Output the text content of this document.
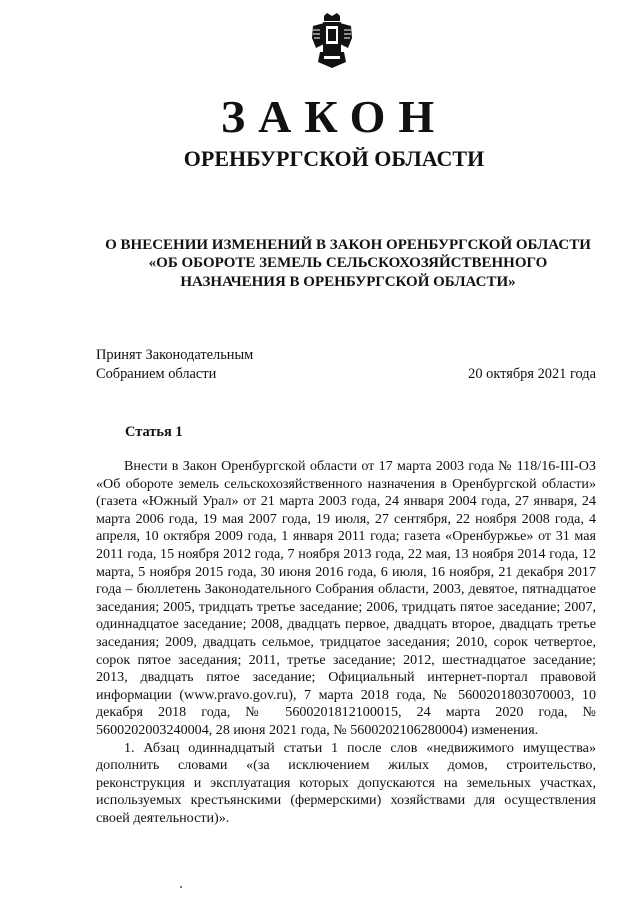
ЗАКОН
ОРЕНБУРГСКОЙ ОБЛАСТИ
О ВНЕСЕНИИ ИЗМЕНЕНИЙ В ЗАКОН ОРЕНБУРГСКОЙ ОБЛАСТИ «ОБ ОБОРОТЕ ЗЕМЕЛЬ СЕЛЬСКОХОЗЯЙСТВЕННОГО НАЗНАЧЕНИЯ В ОРЕНБУРГСКОЙ ОБЛАСТИ»
Принят Законодательным
Собранием области	20 октября 2021 года
Статья 1

Внести в Закон Оренбургской области от 17 марта 2003 года № 118/16-III-ОЗ «Об обороте земель сельскохозяйственного назначения в Оренбургской области» (газета «Южный Урал» от 21 марта 2003 года, 24 января 2004 года, 27 января, 24 марта 2006 года, 19 мая 2007 года, 19 июля, 27 сентября, 22 ноября 2008 года, 4 апреля, 10 октября 2009 года, 1 января 2011 года; газета «Оренбуржье» от 31 мая 2011 года, 15 ноября 2012 года, 7 ноября 2013 года, 22 мая, 13 ноября 2014 года, 12 марта, 5 ноября 2015 года, 30 июня 2016 года, 6 июля, 16 ноября, 21 декабря 2017 года – бюллетень Законодательного Собрания области, 2003, девятое, пятнадцатое заседания; 2005, тридцать третье заседание; 2006, тридцать пятое заседание; 2007, одиннадцатое заседание; 2008, двадцать первое, двадцать второе, двадцать третье заседания; 2009, двадцать сельмое, тридцатое заседания; 2010, сорок четвертое, сорок пятое заседания; 2011, третье заседание; 2012, шестнадцатое заседание; 2013, двадцать пятое заседание; Официальный интернет-портал правовой информации (www.pravo.gov.ru), 7 марта 2018 года, № 5600201803070003, 10 декабря 2018 года, № 5600201812100015, 24 марта 2020 года, № 5600202003240004, 28 июня 2021 года, № 5600202106280004) изменения.

1. Абзац одиннадцатый статьи 1 после слов «недвижимого имущества» дополнить словами «(за исключением жилых домов, строительство, реконструкция и эксплуатация которых допускаются на земельных участках, используемых крестьянскими (фермерскими) хозяйствами для осуществления своей деятельности)».
